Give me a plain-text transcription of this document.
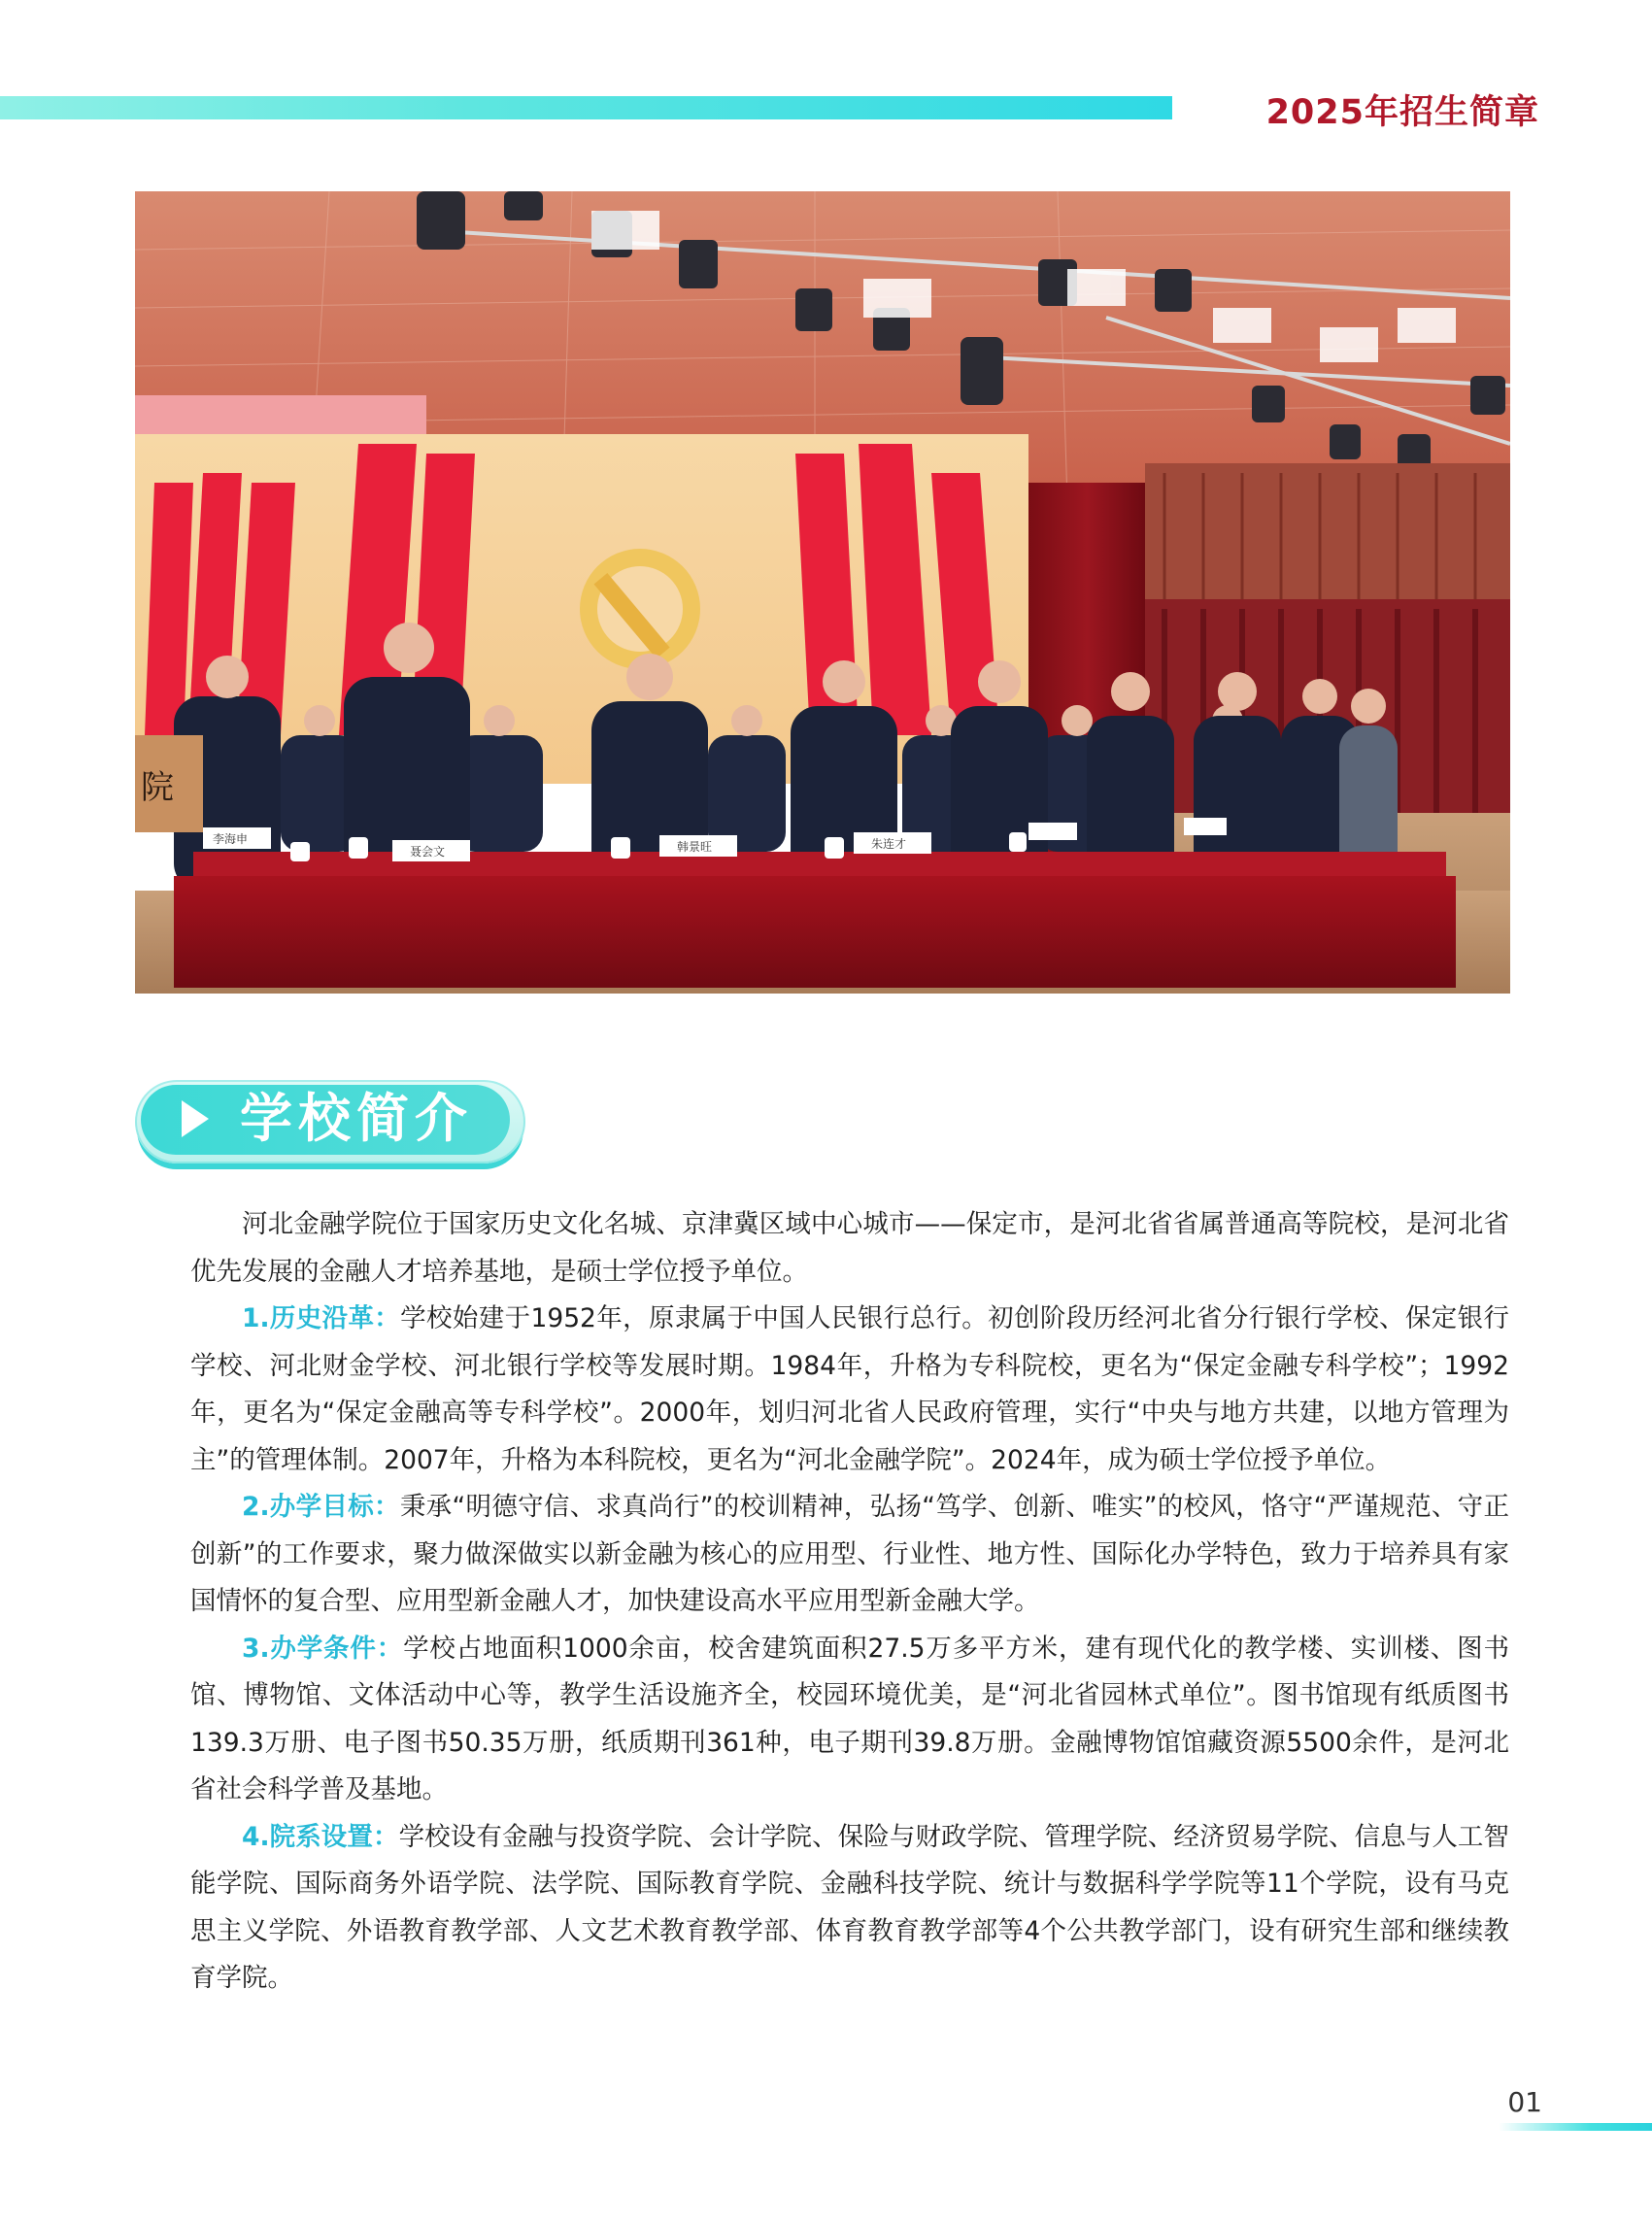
2025年招生简章
院
李海申
聂会文	韩景旺	朱连才
学校简介

河北金融学院位于国家历史文化名城、京津冀区域中心城市——保定市，是河北省省属普通高等院校，是河北省优先发展的金融人才培养基地，是硕士学位授予单位。

1.历史沿革：学校始建于1952年，原隶属于中国人民银行总行。初创阶段历经河北省分行银行学校、保定银行学校、河北财金学校、河北银行学校等发展时期。1984年，升格为专科院校，更名为“保定金融专科学校”；1992年，更名为“保定金融高等专科学校”。2000年，划归河北省人民政府管理，实行“中央与地方共建，以地方管理为主”的管理体制。2007年，升格为本科院校，更名为“河北金融学院”。2024年，成为硕士学位授予单位。

2.办学目标：秉承“明德守信、求真尚行”的校训精神，弘扬“笃学、创新、唯实”的校风，恪守“严谨规范、守正创新”的工作要求，聚力做深做实以新金融为核心的应用型、行业性、地方性、国际化办学特色，致力于培养具有家国情怀的复合型、应用型新金融人才，加快建设高水平应用型新金融大学。

3.办学条件：学校占地面积1000余亩，校舍建筑面积27.5万多平方米，建有现代化的教学楼、实训楼、图书馆、博物馆、文体活动中心等，教学生活设施齐全，校园环境优美，是“河北省园林式单位”。图书馆现有纸质图书139.3万册、电子图书50.35万册，纸质期刊361种，电子期刊39.8万册。金融博物馆馆藏资源5500余件，是河北省社会科学普及基地。

4.院系设置：学校设有金融与投资学院、会计学院、保险与财政学院、管理学院、经济贸易学院、信息与人工智能学院、国际商务外语学院、法学院、国际教育学院、金融科技学院、统计与数据科学学院等11个学院，设有马克思主义学院、外语教育教学部、人文艺术教育教学部、体育教育教学部等4个公共教学部门，设有研究生部和继续教育学院。

01
